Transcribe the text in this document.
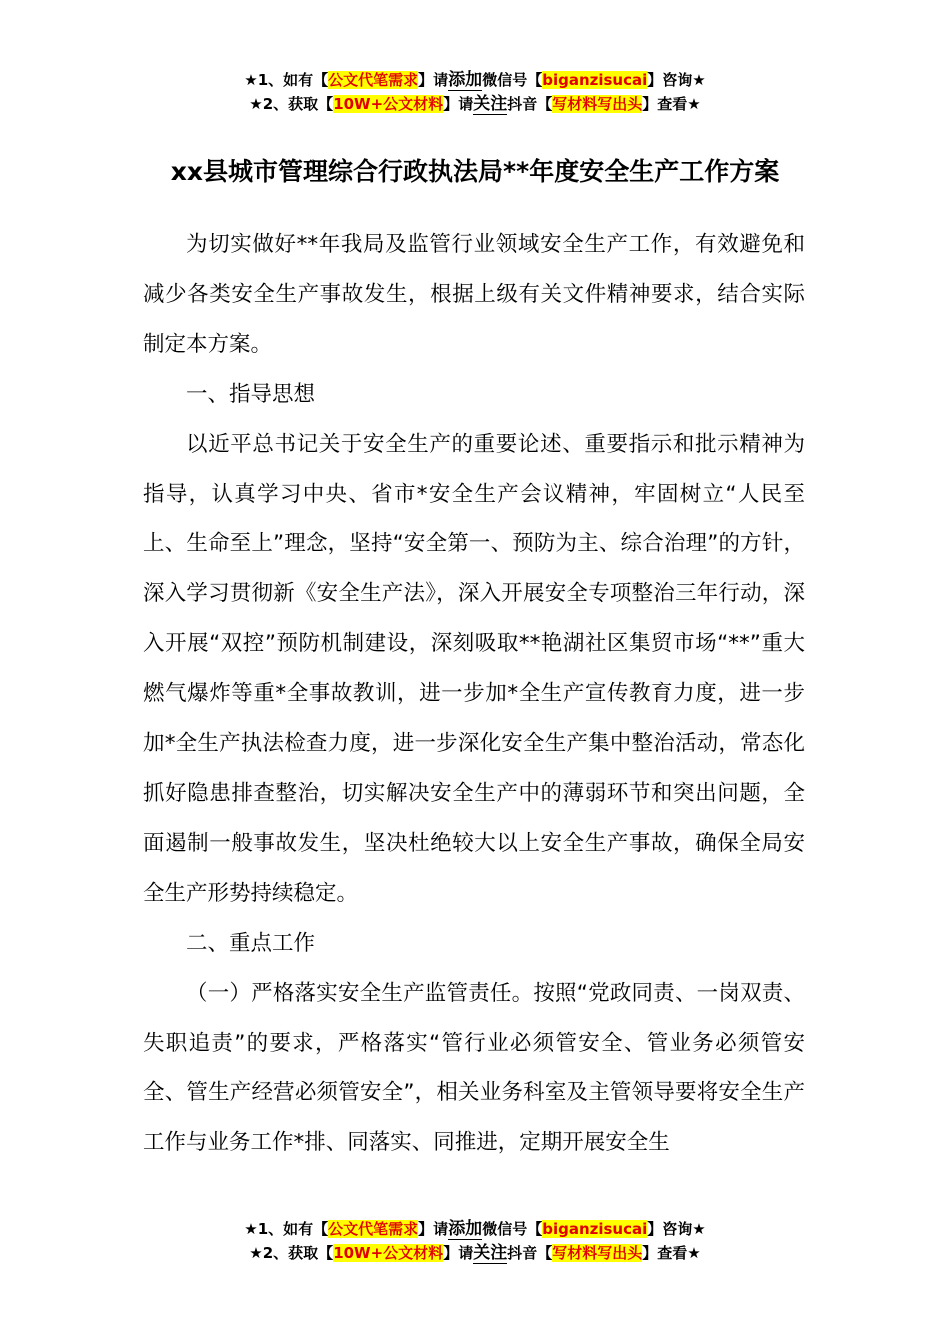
★1、如有【公文代笔需求】请添加微信号【biganzisucai】咨询★
★2、获取【10W+公文材料】请关注抖音【写材料写出头】查看★
xx县城市管理综合行政执法局**年度安全生产工作方案

为切实做好**年我局及监管行业领域安全生产工作，有效避免和减少各类安全生产事故发生，根据上级有关文件精神要求，结合实际制定本方案。

一、指导思想

以近平总书记关于安全生产的重要论述、重要指示和批示精神为指导，认真学习中央、省市*安全生产会议精神，牢固树立“人民至上、生命至上”理念，坚持“安全第一、预防为主、综合治理”的方针，深入学习贯彻新《安全生产法》，深入开展安全专项整治三年行动，深入开展“双控”预防机制建设，深刻吸取**艳湖社区集贸市场“**”重大燃气爆炸等重*全事故教训，进一步加*全生产宣传教育力度，进一步加*全生产执法检查力度，进一步深化安全生产集中整治活动，常态化抓好隐患排查整治，切实解决安全生产中的薄弱环节和突出问题，全面遏制一般事故发生，坚决杜绝较大以上安全生产事故，确保全局安全生产形势持续稳定。

二、重点工作

（一）严格落实安全生产监管责任。按照“党政同责、一岗双责、失职追责”的要求，严格落实“管行业必须管安全、管业务必须管安全、管生产经营必须管安全”，相关业务科室及主管领导要将安全生产工作与业务工作*排、同落实、同推进，定期开展安全生

★1、如有【公文代笔需求】请添加微信号【biganzisucai】咨询★
★2、获取【10W+公文材料】请关注抖音【写材料写出头】查看★
